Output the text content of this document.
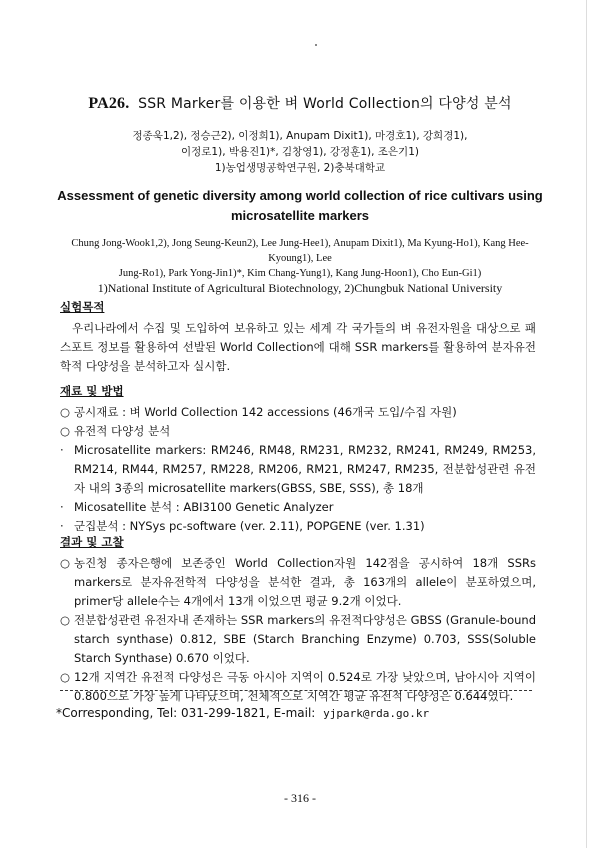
PA26. SSR Marker를 이용한 벼 World Collection의 다양성 분석
정종욱1,2), 정승근2), 이정희1), Anupam Dixit1), 마경호1), 강희경1),
이정로1), 박용진1)*, 김창영1), 강정훈1), 조은기1)
1)농업생명공학연구원, 2)충북대학교
Assessment of genetic diversity among world collection of rice cultivars using
microsatellite markers
Chung Jong-Wook1,2), Jong Seung-Keun2), Lee Jung-Hee1), Anupam Dixit1), Ma Kyung-Ho1), Kang Hee-Kyoung1), Lee
Jung-Ro1), Park Yong-Jin1)*, Kim Chang-Yung1), Kang Jung-Hoon1), Cho Eun-Gi1)
1)National Institute of Agricultural Biotechnology, 2)Chungbuk National University
실험목적
우리나라에서 수집 및 도입하여 보유하고 있는 세계 각 국가들의 벼 유전자원을 대상으로 패스포트 정보를 활용하여 선발된 World Collection에 대해 SSR markers를 활용하여 분자유전학적 다양성을 분석하고자 실시함.
재료 및 방법
○ 공시재료 : 벼 World Collection 142 accessions (46개국 도입/수집 자원)
○ 유전적 다양성 분석
· Microsatellite markers: RM246, RM48, RM231, RM232, RM241, RM249, RM253, RM214, RM44, RM257, RM228, RM206, RM21, RM247, RM235, 전분합성관련 유전자 내의 3종의 microsatellite markers(GBSS, SBE, SSS), 총 18개
· Micosatellite 분석 : ABI3100 Genetic Analyzer
· 군집분석 : NYSys pc-software (ver. 2.11), POPGENE (ver. 1.31)
결과 및 고찰
○ 농진청 종자은행에 보존중인 World Collection자원 142점을 공시하여 18개 SSRs markers로 분자유전학적 다양성을 분석한 결과, 총 163개의 allele이 분포하였으며, primer당 allele수는 4개에서 13개 이었으면 평균 9.2개 이었다.
○ 전분합성관련 유전자내 존재하는 SSR markers의 유전적다양성은 GBSS (Granule-bound starch synthase) 0.812, SBE (Starch Branching Enzyme) 0.703, SSS(Soluble Starch Synthase) 0.670 이었다.
○ 12개 지역간 유전적 다양성은 극동 아시아 지역이 0.524로 가장 낮았으며, 남아시아 지역이 0.800으로 가장 높게 나타났으며, 전체적으로 지역간 평균 유전적 다양성은 0.644였다.
*Corresponding, Tel: 031-299-1821, E-mail: yjpark@rda.go.kr
- 316 -
